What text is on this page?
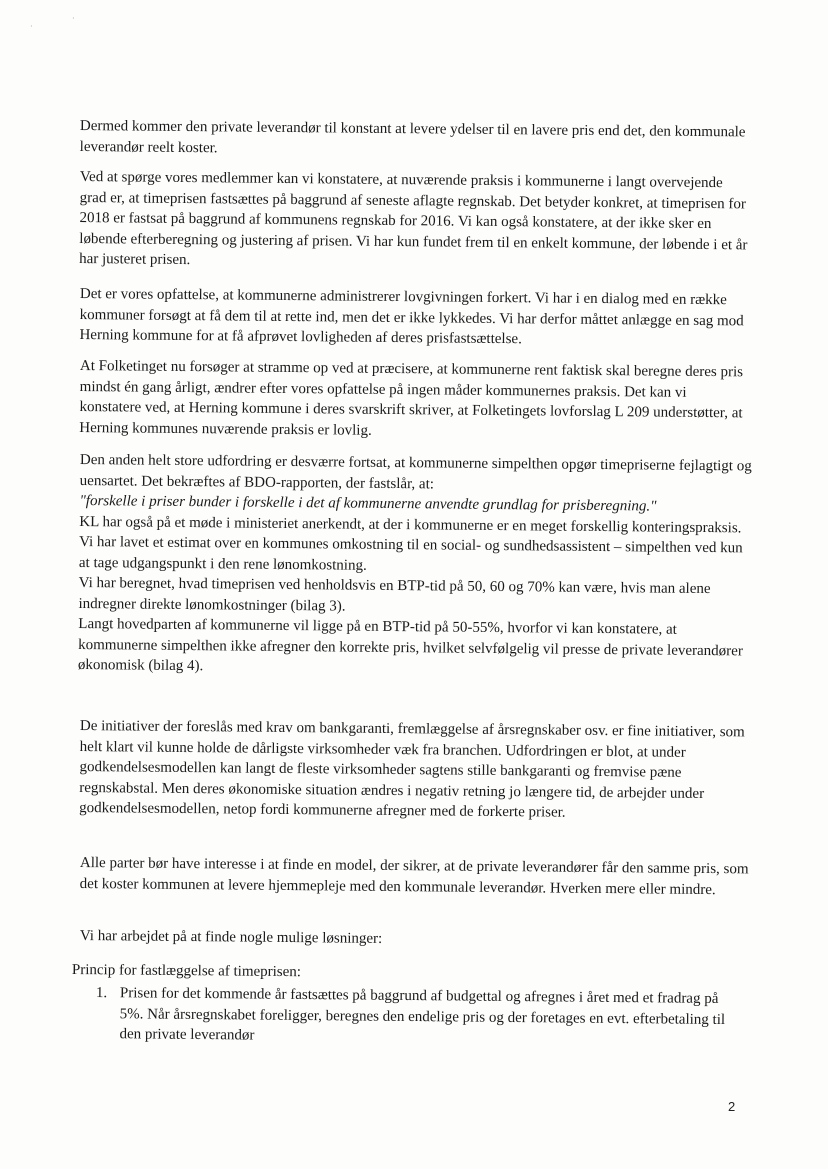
·
·

Dermed kommer den private leverandør til konstant at levere ydelser til en lavere pris end det, den kommunale leverandør reelt koster.

Ved at spørge vores medlemmer kan vi konstatere, at nuværende praksis i kommunerne i langt overvejende grad er, at timeprisen fastsættes på baggrund af seneste aflagte regnskab. Det betyder konkret, at timeprisen for 2018 er fastsat på baggrund af kommunens regnskab for 2016. Vi kan også konstatere, at der ikke sker en løbende efterberegning og justering af prisen. Vi har kun fundet frem til en enkelt kommune, der løbende i et år har justeret prisen.

Det er vores opfattelse, at kommunerne administrerer lovgivningen forkert. Vi har i en dialog med en række kommuner forsøgt at få dem til at rette ind, men det er ikke lykkedes. Vi har derfor måttet anlægge en sag mod Herning kommune for at få afprøvet lovligheden af deres prisfastsættelse.

At Folketinget nu forsøger at stramme op ved at præcisere, at kommunerne rent faktisk skal beregne deres pris mindst én gang årligt, ændrer efter vores opfattelse på ingen måder kommunernes praksis. Det kan vi konstatere ved, at Herning kommune i deres svarskrift skriver, at Folketingets lovforslag L 209 understøtter, at Herning kommunes nuværende praksis er lovlig.

Den anden helt store udfordring er desværre fortsat, at kommunerne simpelthen opgør timepriserne fejlagtigt og uensartet. Det bekræftes af BDO-rapporten, der fastslår, at:

"forskelle i priser bunder i forskelle i det af kommunerne anvendte grundlag for prisberegning."

KL har også på et møde i ministeriet anerkendt, at der i kommunerne er en meget forskellig konteringspraksis.

Vi har lavet et estimat over en kommunes omkostning til en social- og sundhedsassistent – simpelthen ved kun at tage udgangspunkt i den rene lønomkostning.

Vi har beregnet, hvad timeprisen ved henholdsvis en BTP-tid på 50, 60 og 70% kan være, hvis man alene indregner direkte lønomkostninger (bilag 3).

Langt hovedparten af kommunerne vil ligge på en BTP-tid på 50-55%, hvorfor vi kan konstatere, at kommunerne simpelthen ikke afregner den korrekte pris, hvilket selvfølgelig vil presse de private leverandører økonomisk (bilag 4).

De initiativer der foreslås med krav om bankgaranti, fremlæggelse af årsregnskaber osv. er fine initiativer, som helt klart vil kunne holde de dårligste virksomheder væk fra branchen. Udfordringen er blot, at under godkendelsesmodellen kan langt de fleste virksomheder sagtens stille bankgaranti og fremvise pæne regnskabstal. Men deres økonomiske situation ændres i negativ retning jo længere tid, de arbejder under godkendelsesmodellen, netop fordi kommunerne afregner med de forkerte priser.

Alle parter bør have interesse i at finde en model, der sikrer, at de private leverandører får den samme pris, som det koster kommunen at levere hjemmepleje med den kommunale leverandør. Hverken mere eller mindre.

Vi har arbejdet på at finde nogle mulige løsninger:

Princip for fastlæggelse af timeprisen:
1. Prisen for det kommende år fastsættes på baggrund af budgettal og afregnes i året med et fradrag på 5%. Når årsregnskabet foreligger, beregnes den endelige pris og der foretages en evt. efterbetaling til den private leverandør
2
